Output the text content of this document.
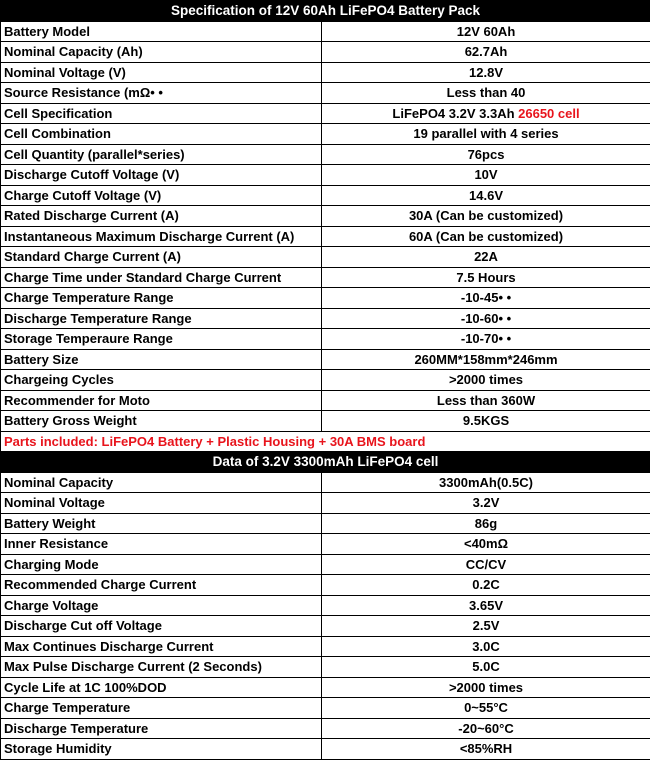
Specification of 12V 60Ah LiFePO4 Battery Pack	
Battery Model	12V 60Ah
Nominal Capacity (Ah)	62.7Ah
Nominal Voltage (V)	12.8V
Source Resistance (mΩ• •	Less than 40
Cell Specification	LiFePO4 3.2V 3.3Ah 26650 cell
Cell Combination	19 parallel with 4 series
Cell Quantity (parallel*series)	76pcs
Discharge Cutoff Voltage (V)	10V
Charge Cutoff Voltage (V)	14.6V
Rated Discharge Current (A)	30A (Can be customized)
Instantaneous Maximum Discharge Current (A)	60A (Can be customized)
Standard Charge Current (A)	22A
Charge Time under Standard Charge Current	7.5 Hours
Charge Temperature Range	-10-45• •
Discharge Temperature Range	-10-60• •
Storage Temperaure Range	-10-70• •
Battery Size	260MM*158mm*246mm
Chargeing Cycles	>2000 times
Recommender for Moto	Less than 360W
Battery Gross Weight	9.5KGS
Parts included: LiFePO4 Battery + Plastic Housing + 30A BMS board	
Data of 3.2V 3300mAh LiFePO4 cell	
Nominal Capacity	3300mAh(0.5C)
Nominal Voltage	3.2V
Battery Weight	86g
Inner Resistance	<40mΩ
Charging Mode	CC/CV
Recommended Charge Current	0.2C
Charge Voltage	3.65V
Discharge Cut off Voltage	2.5V
Max Continues Discharge Current	3.0C
Max Pulse Discharge Current (2 Seconds)	5.0C
Cycle Life at 1C 100%DOD	>2000 times
Charge Temperature	0~55°C
Discharge Temperature	-20~60°C
Storage Humidity	<85%RH
